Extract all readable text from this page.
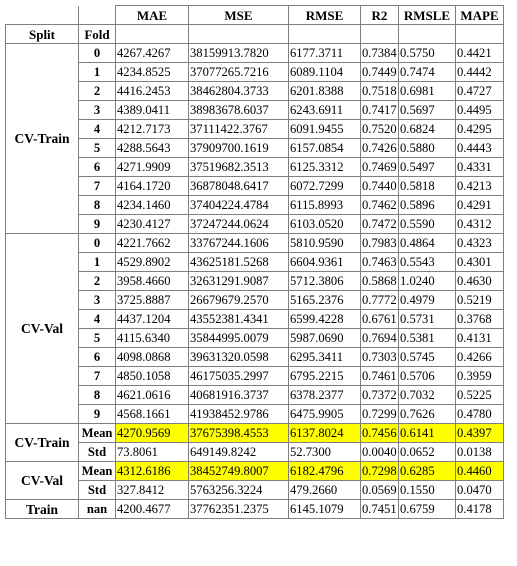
		MAE	MSE	RMSE	R2	RMSLE	MAPE
Split	Fold						
CV-Train	0	4267.4267	38159913.7820	6177.3711	0.7384	0.5750	0.4421
	1	4234.8525	37077265.7216	6089.1104	0.7449	0.7474	0.4442
	2	4416.2453	38462804.3733	6201.8388	0.7518	0.6981	0.4727
	3	4389.0411	38983678.6037	6243.6911	0.7417	0.5697	0.4495
	4	4212.7173	37111422.3767	6091.9455	0.7520	0.6824	0.4295
	5	4288.5643	37909700.1619	6157.0854	0.7426	0.5880	0.4443
	6	4271.9909	37519682.3513	6125.3312	0.7469	0.5497	0.4331
	7	4164.1720	36878048.6417	6072.7299	0.7440	0.5818	0.4213
	8	4234.1460	37404224.4784	6115.8993	0.7462	0.5896	0.4291
	9	4230.4127	37247244.0624	6103.0520	0.7472	0.5590	0.4312
CV-Val	0	4221.7662	33767244.1606	5810.9590	0.7983	0.4864	0.4323
	1	4529.8902	43625181.5268	6604.9361	0.7463	0.5543	0.4301
	2	3958.4660	32631291.9087	5712.3806	0.5868	1.0240	0.4630
	3	3725.8887	26679679.2570	5165.2376	0.7772	0.4979	0.5219
	4	4437.1204	43552381.4341	6599.4228	0.6761	0.5731	0.3768
	5	4115.6340	35844995.0079	5987.0690	0.7694	0.5381	0.4131
	6	4098.0868	39631320.0598	6295.3411	0.7303	0.5745	0.4266
	7	4850.1058	46175035.2997	6795.2215	0.7461	0.5706	0.3959
	8	4621.0616	40681916.3737	6378.2377	0.7372	0.7032	0.5225
	9	4568.1661	41938452.9786	6475.9905	0.7299	0.7626	0.4780
CV-Train	Mean	4270.9569	37675398.4553	6137.8024	0.7456	0.6141	0.4397
	Std	73.8061	649149.8242	52.7300	0.0040	0.0652	0.0138
CV-Val	Mean	4312.6186	38452749.8007	6182.4796	0.7298	0.6285	0.4460
	Std	327.8412	5763256.3224	479.2660	0.0569	0.1550	0.0470
Train	nan	4200.4677	37762351.2375	6145.1079	0.7451	0.6759	0.4178
